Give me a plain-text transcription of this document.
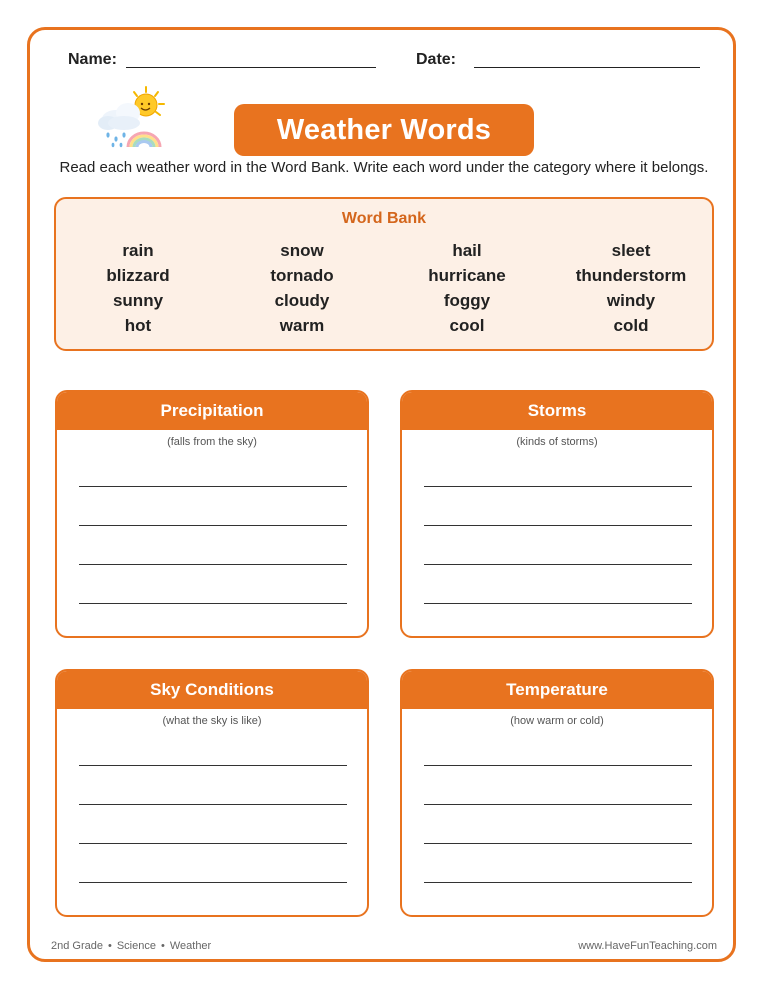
Name:	Date:
Weather Words
Read each weather word in the Word Bank. Write each word under the category where it belongs.
Word Bank
rain	snow	hail	sleet
blizzard	tornado	hurricane	thunderstorm
sunny	cloudy	foggy	windy
hot	warm	cool	cold
Precipitation
(falls from the sky)
Storms
(kinds of storms)
Sky Conditions
(what the sky is like)
Temperature
(how warm or cold)
2nd Grade • Science • Weather	www.HaveFunTeaching.com
